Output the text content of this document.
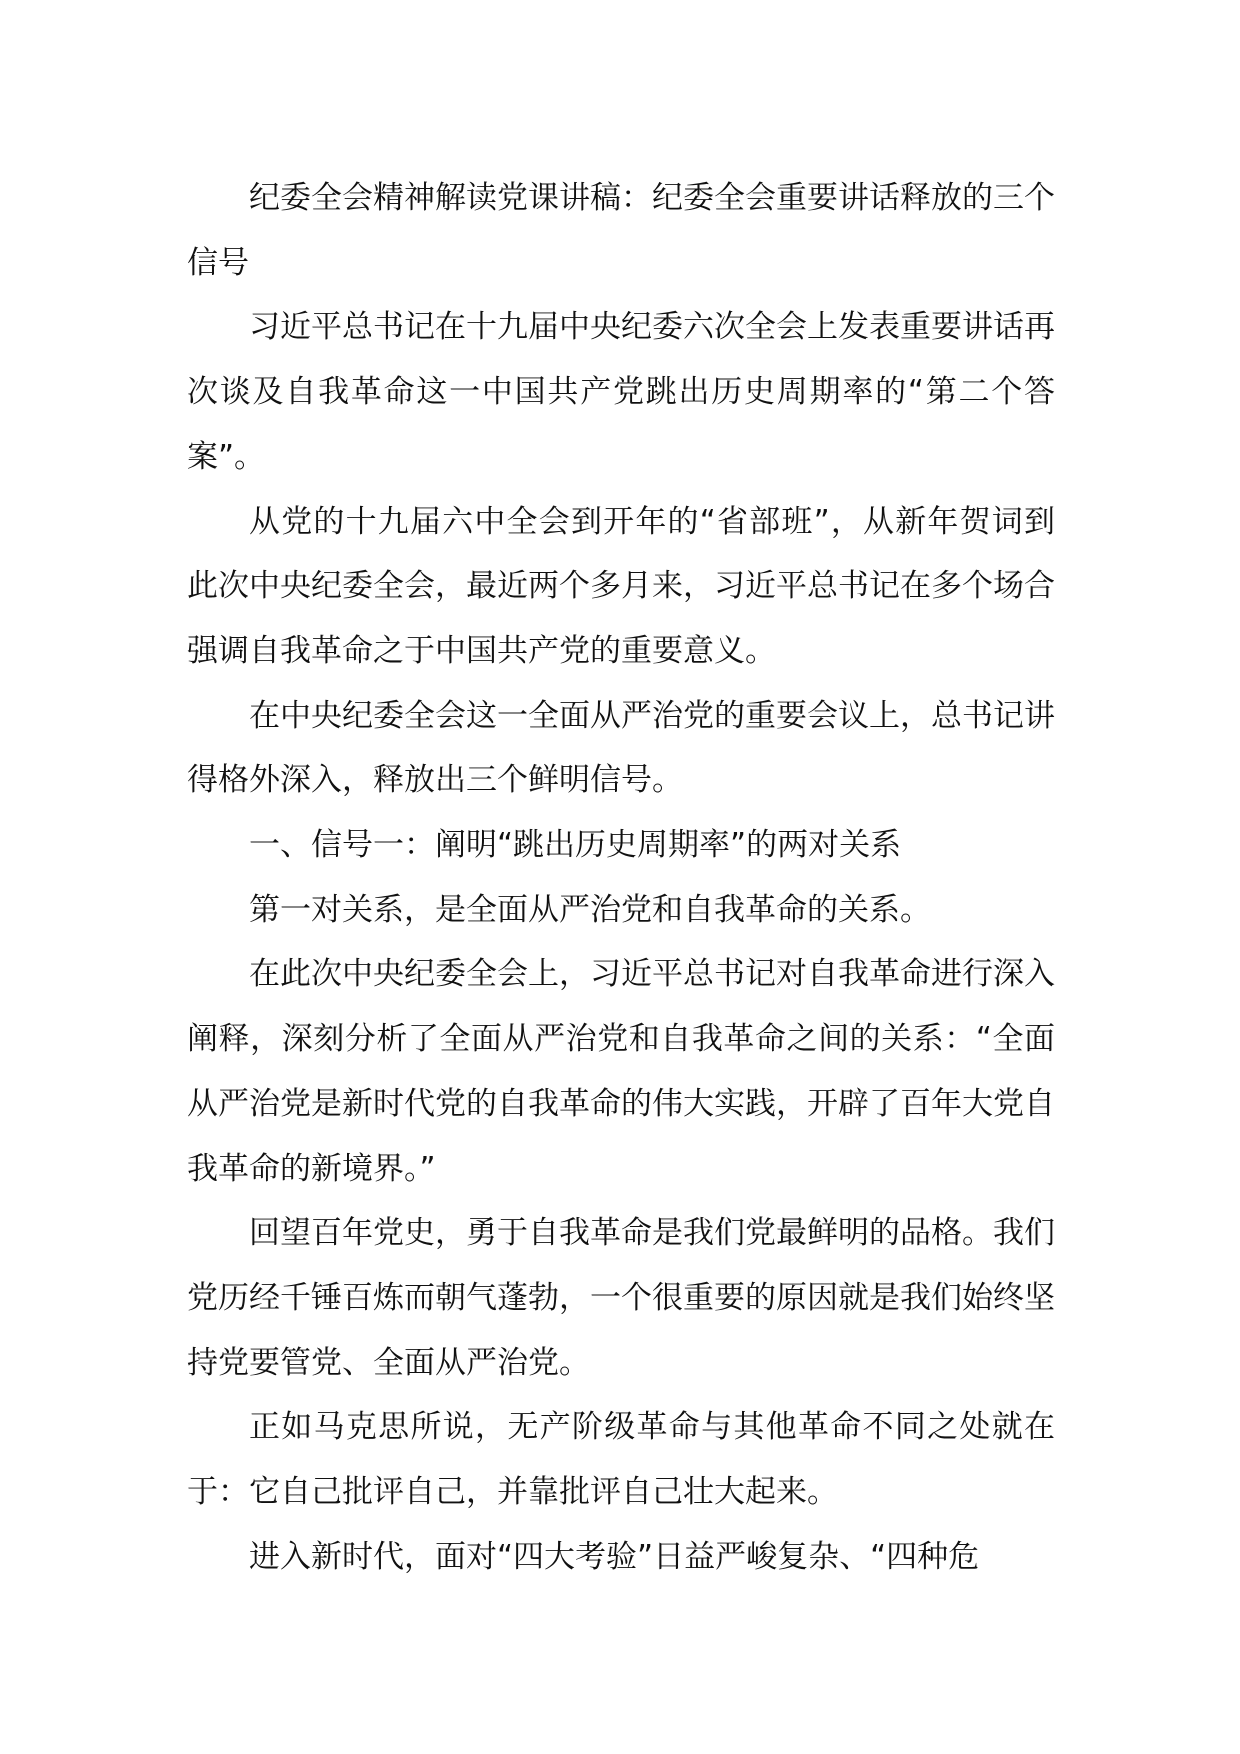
纪委全会精神解读党课讲稿：纪委全会重要讲话释放的三个信号

习近平总书记在十九届中央纪委六次全会上发表重要讲话再次谈及自我革命这一中国共产党跳出历史周期率的“第二个答案”。

从党的十九届六中全会到开年的“省部班”，从新年贺词到此次中央纪委全会，最近两个多月来，习近平总书记在多个场合强调自我革命之于中国共产党的重要意义。

在中央纪委全会这一全面从严治党的重要会议上，总书记讲得格外深入，释放出三个鲜明信号。

一、信号一：阐明“跳出历史周期率”的两对关系

第一对关系，是全面从严治党和自我革命的关系。

在此次中央纪委全会上，习近平总书记对自我革命进行深入阐释，深刻分析了全面从严治党和自我革命之间的关系：“全面从严治党是新时代党的自我革命的伟大实践，开辟了百年大党自我革命的新境界。”

回望百年党史，勇于自我革命是我们党最鲜明的品格。我们党历经千锤百炼而朝气蓬勃，一个很重要的原因就是我们始终坚持党要管党、全面从严治党。

正如马克思所说，无产阶级革命与其他革命不同之处就在于：它自己批评自己，并靠批评自己壮大起来。

进入新时代，面对“四大考验”日益严峻复杂、“四种危
